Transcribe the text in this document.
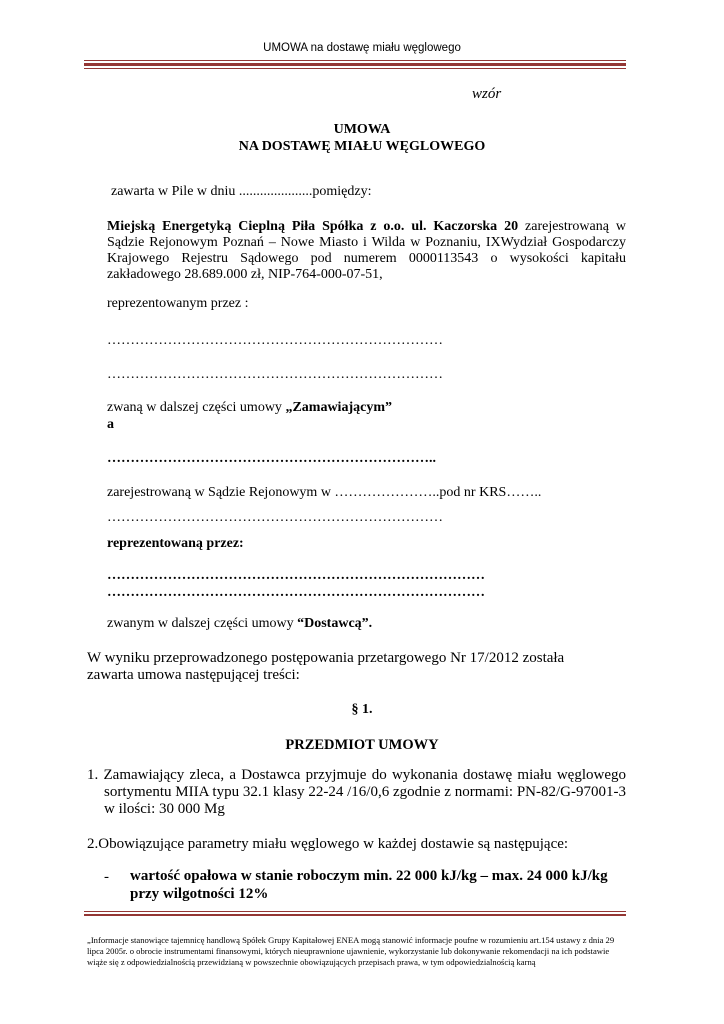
UMOWA na dostawę miału węglowego
wzór
UMOWA
NA DOSTAWĘ MIAŁU WĘGLOWEGO
zawarta w Pile w dniu .....................pomiędzy:
Miejską Energetyką Cieplną Piła Spółka z o.o. ul. Kaczorska 20 zarejestrowaną w Sądzie Rejonowym Poznań – Nowe Miasto i Wilda w Poznaniu, IXWydział Gospodarczy Krajowego Rejestru Sądowego pod numerem 0000113543 o wysokości kapitału zakładowego 28.689.000 zł, NIP-764-000-07-51,
reprezentowanym przez :
………………………………………………………………
………………………………………………………………
zwaną w dalszej części umowy „Zamawiającym”
a
……………………………………………………………..
zarejestrowaną w Sądzie Rejonowym w …………………..pod nr KRS……..
………………………………………………………………
reprezentowaną przez:
………………………………………………………………………
………………………………………………………………………
zwanym w dalszej części umowy “Dostawcą”.
W wyniku przeprowadzonego postępowania przetargowego Nr 17/2012 została zawarta umowa następującej treści:
§ 1.
PRZEDMIOT UMOWY
1. Zamawiający zleca, a Dostawca przyjmuje do wykonania dostawę miału węglowego sortymentu MIIA typu 32.1 klasy 22-24 /16/0,6 zgodnie z normami: PN-82/G-97001-3 w ilości: 30 000 Mg
2.Obowiązujące parametry miału węglowego w każdej dostawie są następujące:
- wartość opałowa w stanie roboczym min. 22 000 kJ/kg – max. 24 000 kJ/kg przy wilgotności 12%
„Informacje stanowiące tajemnicę handlową Spółek Grupy Kapitałowej ENEA mogą stanowić informacje poufne w rozumieniu art.154 ustawy z dnia 29 lipca 2005r. o obrocie instrumentami finansowymi, których nieuprawnione ujawnienie, wykorzystanie lub dokonywanie rekomendacji na ich podstawie wiąże się z odpowiedzialnością przewidzianą w powszechnie obowiązujących przepisach prawa, w tym odpowiedzialnością karną
